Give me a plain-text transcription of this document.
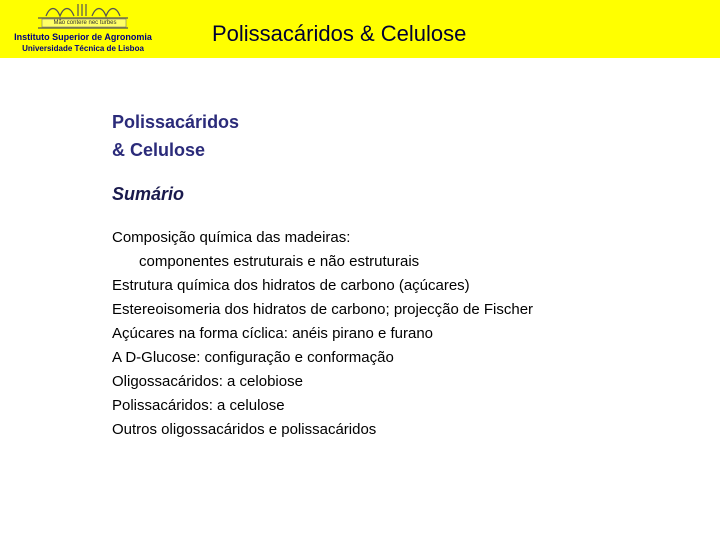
Mão contere nec turbes
Instituto Superior de Agronomia
Universidade Técnica de Lisboa
Polissacáridos & Celulose
Polissacáridos
& Celulose
Sumário
Composição química das madeiras:
componentes estruturais e não estruturais
Estrutura química dos hidratos de carbono (açúcares)
Estereoisomeria dos hidratos de carbono; projecção de Fischer
Açúcares na forma cíclica: anéis pirano e furano
A D-Glucose: configuração e conformação
Oligossacáridos: a celobiose
Polissacáridos: a celulose
Outros oligossacáridos e polissacáridos
